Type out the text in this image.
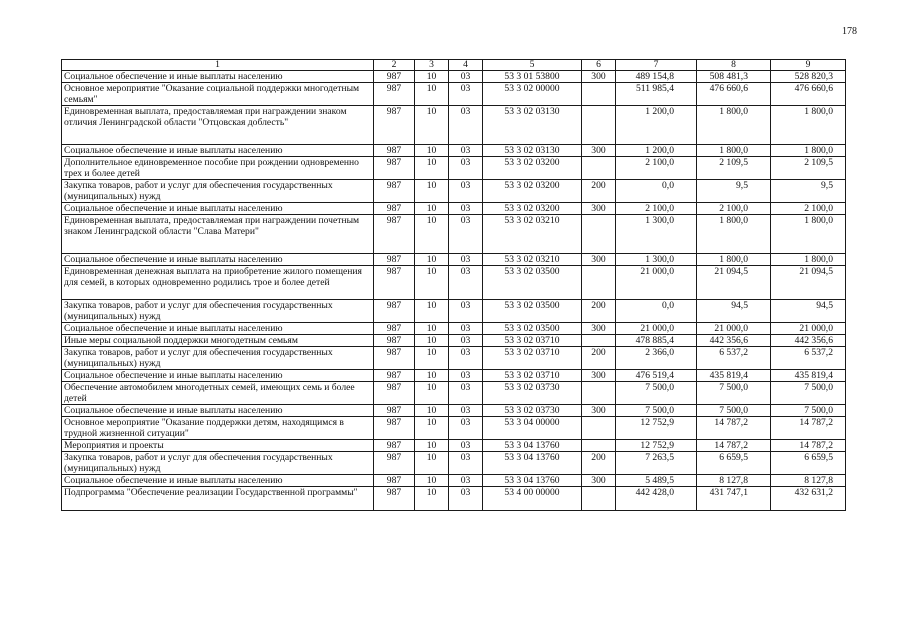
178
1	2	3	4	5	6	7	8	9
Социальное обеспечение и иные выплаты населению	987	10	03	53 3 01 53800	300	489 154,8	508 481,3	528 820,3
Основное мероприятие "Оказание социальной поддержки многодетным семьям"	987	10	03	53 3 02 00000		511 985,4	476 660,6	476 660,6
Единовременная выплата, предоставляемая при награждении знаком отличия Ленинградской области "Отцовская доблесть"	987	10	03	53 3 02 03130		1 200,0	1 800,0	1 800,0
Социальное обеспечение и иные выплаты населению	987	10	03	53 3 02 03130	300	1 200,0	1 800,0	1 800,0
Дополнительное единовременное пособие при рождении одновременно трех и более детей	987	10	03	53 3 02 03200		2 100,0	2 109,5	2 109,5
Закупка товаров, работ и услуг для обеспечения государственных (муниципальных) нужд	987	10	03	53 3 02 03200	200	0,0	9,5	9,5
Социальное обеспечение и иные выплаты населению	987	10	03	53 3 02 03200	300	2 100,0	2 100,0	2 100,0
Единовременная выплата, предоставляемая при награждении почетным знаком Ленинградской области "Слава Матери"	987	10	03	53 3 02 03210		1 300,0	1 800,0	1 800,0
Социальное обеспечение и иные выплаты населению	987	10	03	53 3 02 03210	300	1 300,0	1 800,0	1 800,0
Единовременная денежная выплата на приобретение жилого помещения для семей, в которых одновременно родились трое и более детей	987	10	03	53 3 02 03500		21 000,0	21 094,5	21 094,5
Закупка товаров, работ и услуг для обеспечения государственных (муниципальных) нужд	987	10	03	53 3 02 03500	200	0,0	94,5	94,5
Социальное обеспечение и иные выплаты населению	987	10	03	53 3 02 03500	300	21 000,0	21 000,0	21 000,0
Иные меры социальной поддержки многодетным семьям	987	10	03	53 3 02 03710		478 885,4	442 356,6	442 356,6
Закупка товаров, работ и услуг для обеспечения государственных (муниципальных) нужд	987	10	03	53 3 02 03710	200	2 366,0	6 537,2	6 537,2
Социальное обеспечение и иные выплаты населению	987	10	03	53 3 02 03710	300	476 519,4	435 819,4	435 819,4
Обеспечение автомобилем многодетных семей, имеющих семь и более детей	987	10	03	53 3 02 03730		7 500,0	7 500,0	7 500,0
Социальное обеспечение и иные выплаты населению	987	10	03	53 3 02 03730	300	7 500,0	7 500,0	7 500,0
Основное мероприятие "Оказание поддержки детям, находящимся в трудной жизненной ситуации"	987	10	03	53 3 04 00000		12 752,9	14 787,2	14 787,2
Мероприятия и проекты	987	10	03	53 3 04 13760		12 752,9	14 787,2	14 787,2
Закупка товаров, работ и услуг для обеспечения государственных (муниципальных) нужд	987	10	03	53 3 04 13760	200	7 263,5	6 659,5	6 659,5
Социальное обеспечение и иные выплаты населению	987	10	03	53 3 04 13760	300	5 489,5	8 127,8	8 127,8
Подпрограмма "Обеспечение реализации Государственной программы"	987	10	03	53 4 00 00000		442 428,0	431 747,1	432 631,2
